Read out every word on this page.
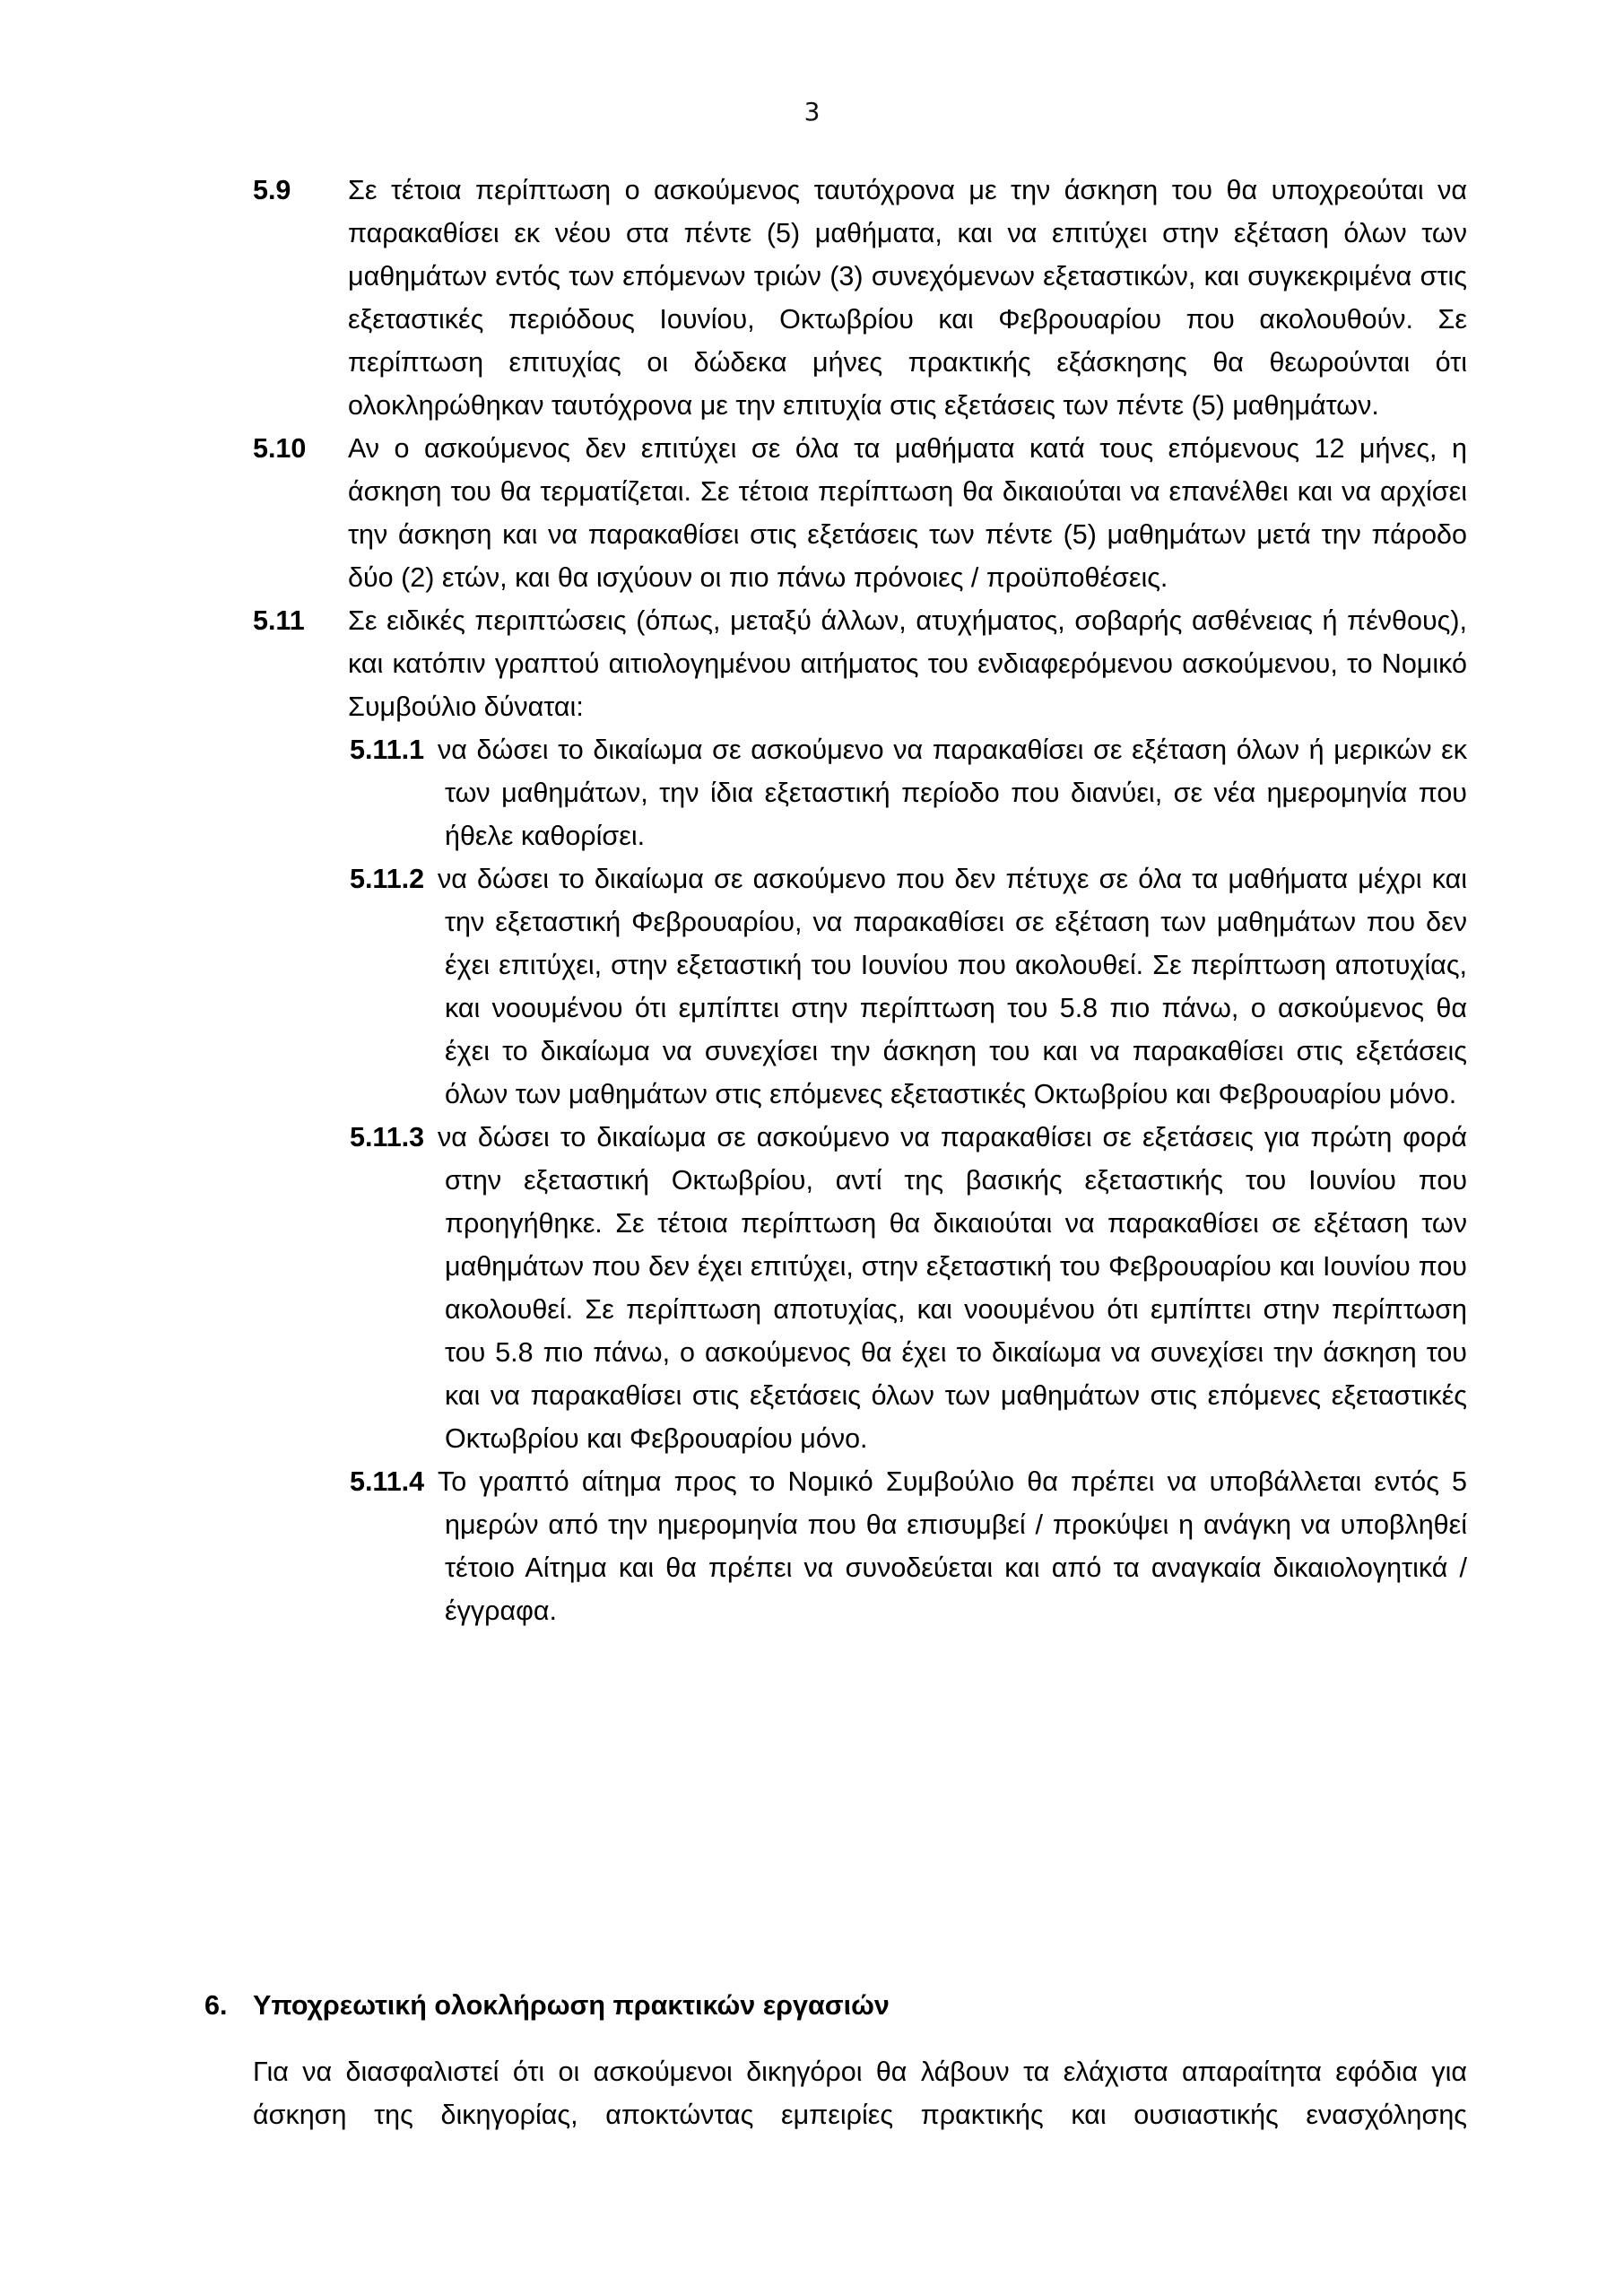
3
5.9 Σε τέτοια περίπτωση ο ασκούμενος ταυτόχρονα με την άσκηση του θα υποχρεούται να παρακαθίσει εκ νέου στα πέντε (5) μαθήματα, και να επιτύχει στην εξέταση όλων των μαθημάτων εντός των επόμενων τριών (3) συνεχόμενων εξεταστικών, και συγκεκριμένα στις εξεταστικές περιόδους Ιουνίου, Οκτωβρίου και Φεβρουαρίου που ακολουθούν. Σε περίπτωση επιτυχίας οι δώδεκα μήνες πρακτικής εξάσκησης θα θεωρούνται ότι ολοκληρώθηκαν ταυτόχρονα με την επιτυχία στις εξετάσεις των πέντε (5) μαθημάτων.
5.10 Αν ο ασκούμενος δεν επιτύχει σε όλα τα μαθήματα κατά τους επόμενους 12 μήνες, η άσκηση του θα τερματίζεται. Σε τέτοια περίπτωση θα δικαιούται να επανέλθει και να αρχίσει την άσκηση και να παρακαθίσει στις εξετάσεις των πέντε (5) μαθημάτων μετά την πάροδο δύο (2) ετών, και θα ισχύουν οι πιο πάνω πρόνοιες / προϋποθέσεις.
5.11 Σε ειδικές περιπτώσεις (όπως, μεταξύ άλλων, ατυχήματος, σοβαρής ασθένειας ή πένθους), και κατόπιν γραπτού αιτιολογημένου αιτήματος του ενδιαφερόμενου ασκούμενου, το Νομικό Συμβούλιο δύναται:
5.11.1 να δώσει το δικαίωμα σε ασκούμενο να παρακαθίσει σε εξέταση όλων ή μερικών εκ των μαθημάτων, την ίδια εξεταστική περίοδο που διανύει, σε νέα ημερομηνία που ήθελε καθορίσει.
5.11.2 να δώσει το δικαίωμα σε ασκούμενο που δεν πέτυχε σε όλα τα μαθήματα μέχρι και την εξεταστική Φεβρουαρίου, να παρακαθίσει σε εξέταση των μαθημάτων που δεν έχει επιτύχει, στην εξεταστική του Ιουνίου που ακολουθεί. Σε περίπτωση αποτυχίας, και νοουμένου ότι εμπίπτει στην περίπτωση του 5.8 πιο πάνω, ο ασκούμενος θα έχει το δικαίωμα να συνεχίσει την άσκηση του και να παρακαθίσει στις εξετάσεις όλων των μαθημάτων στις επόμενες εξεταστικές Οκτωβρίου και Φεβρουαρίου μόνο.
5.11.3 να δώσει το δικαίωμα σε ασκούμενο να παρακαθίσει σε εξετάσεις για πρώτη φορά στην εξεταστική Οκτωβρίου, αντί της βασικής εξεταστικής του Ιουνίου που προηγήθηκε. Σε τέτοια περίπτωση θα δικαιούται να παρακαθίσει σε εξέταση των μαθημάτων που δεν έχει επιτύχει, στην εξεταστική του Φεβρουαρίου και Ιουνίου που ακολουθεί. Σε περίπτωση αποτυχίας, και νοουμένου ότι εμπίπτει στην περίπτωση του 5.8 πιο πάνω, ο ασκούμενος θα έχει το δικαίωμα να συνεχίσει την άσκηση του και να παρακαθίσει στις εξετάσεις όλων των μαθημάτων στις επόμενες εξεταστικές Οκτωβρίου και Φεβρουαρίου μόνο.
5.11.4 Το γραπτό αίτημα προς το Νομικό Συμβούλιο θα πρέπει να υποβάλλεται εντός 5 ημερών από την ημερομηνία που θα επισυμβεί / προκύψει η ανάγκη να υποβληθεί τέτοιο Αίτημα και θα πρέπει να συνοδεύεται και από τα αναγκαία δικαιολογητικά / έγγραφα.
6. Υποχρεωτική ολοκλήρωση πρακτικών εργασιών
Για να διασφαλιστεί ότι οι ασκούμενοι δικηγόροι θα λάβουν τα ελάχιστα απαραίτητα εφόδια για άσκηση της δικηγορίας, αποκτώντας εμπειρίες πρακτικής και ουσιαστικής ενασχόλησης
